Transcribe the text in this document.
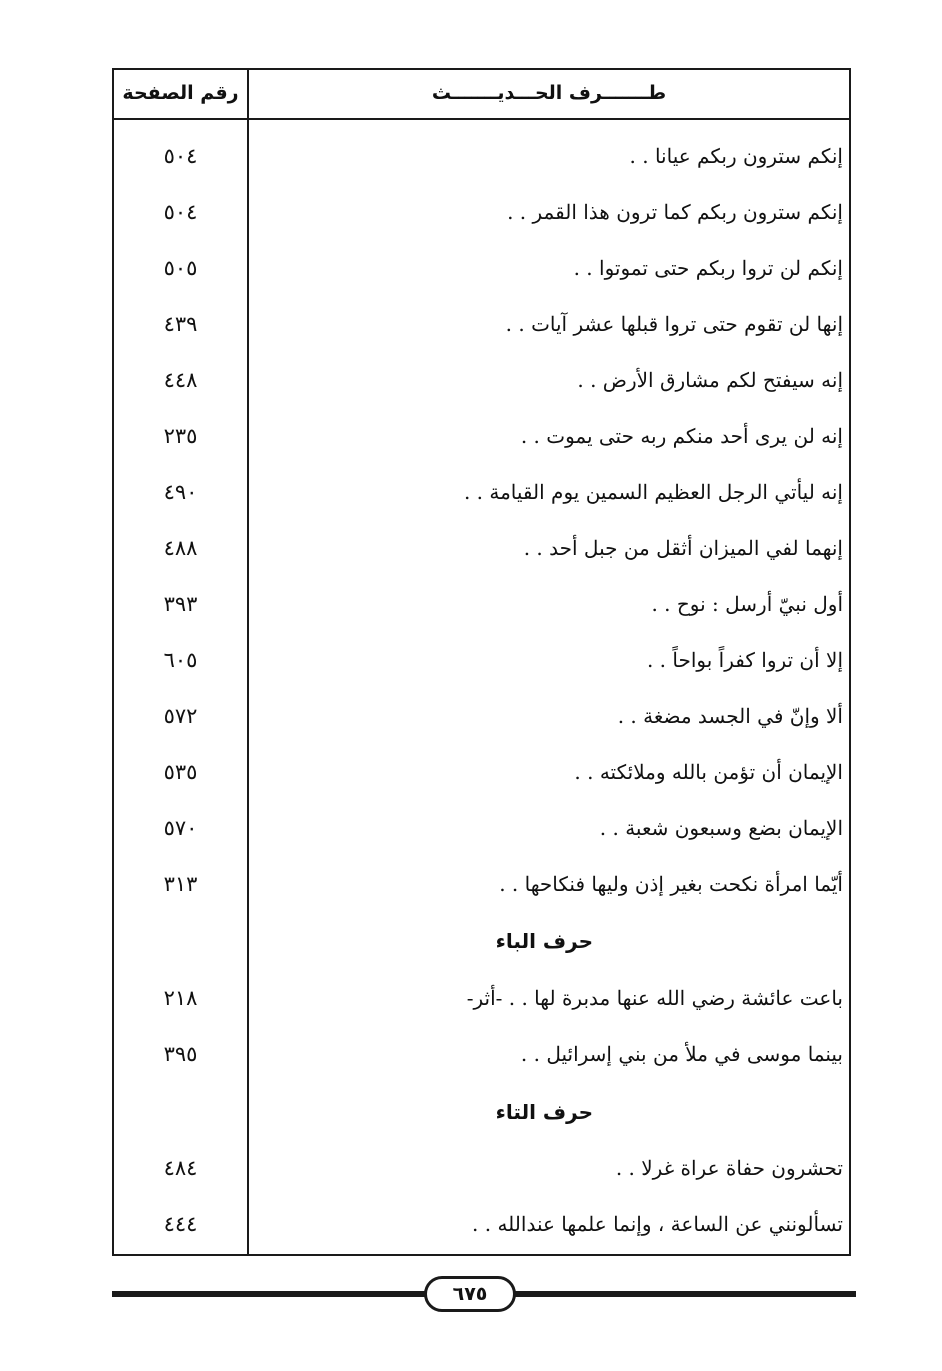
رقم الصفحة	طـــــــرف الحـــديـــــــث
٥٠٤	إنكم سترون ربكم عيانا . .
٥٠٤	إنكم سترون ربكم كما ترون هذا القمر . .
٥٠٥	إنكم لن تروا ربكم حتى تموتوا . .
٤٣٩	إنها لن تقوم حتى تروا قبلها عشر آيات . .
٤٤٨	إنه سيفتح لكم مشارق الأرض . .
٢٣٥	إنه لن يرى أحد منكم ربه حتى يموت . .
٤٩٠	إنه ليأتي الرجل العظيم السمين يوم القيامة . .
٤٨٨	إنهما لفي الميزان أثقل من جبل أحد . .
٣٩٣	أول نبيّ أرسل : نوح . .
٦٠٥	إلا أن تروا كفراً بواحاً . .
٥٧٢	ألا وإنّ في الجسد مضغة . .
٥٣٥	الإيمان أن تؤمن بالله وملائكته . .
٥٧٠	الإيمان بضع وسبعون شعبة . .
٣١٣	أيّما امرأة نكحت بغير إذن وليها فنكاحها . .
حرف الباء
٢١٨	باعت عائشة رضي الله عنها مدبرة لها . . -أثر-
٣٩٥	بينما موسى في ملأ من بني إسرائيل . .
حرف التاء
٤٨٤	تحشرون حفاة عراة غرلا . .
٤٤٤	تسألونني عن الساعة ، وإنما علمها عندالله . .
٦٧٥
